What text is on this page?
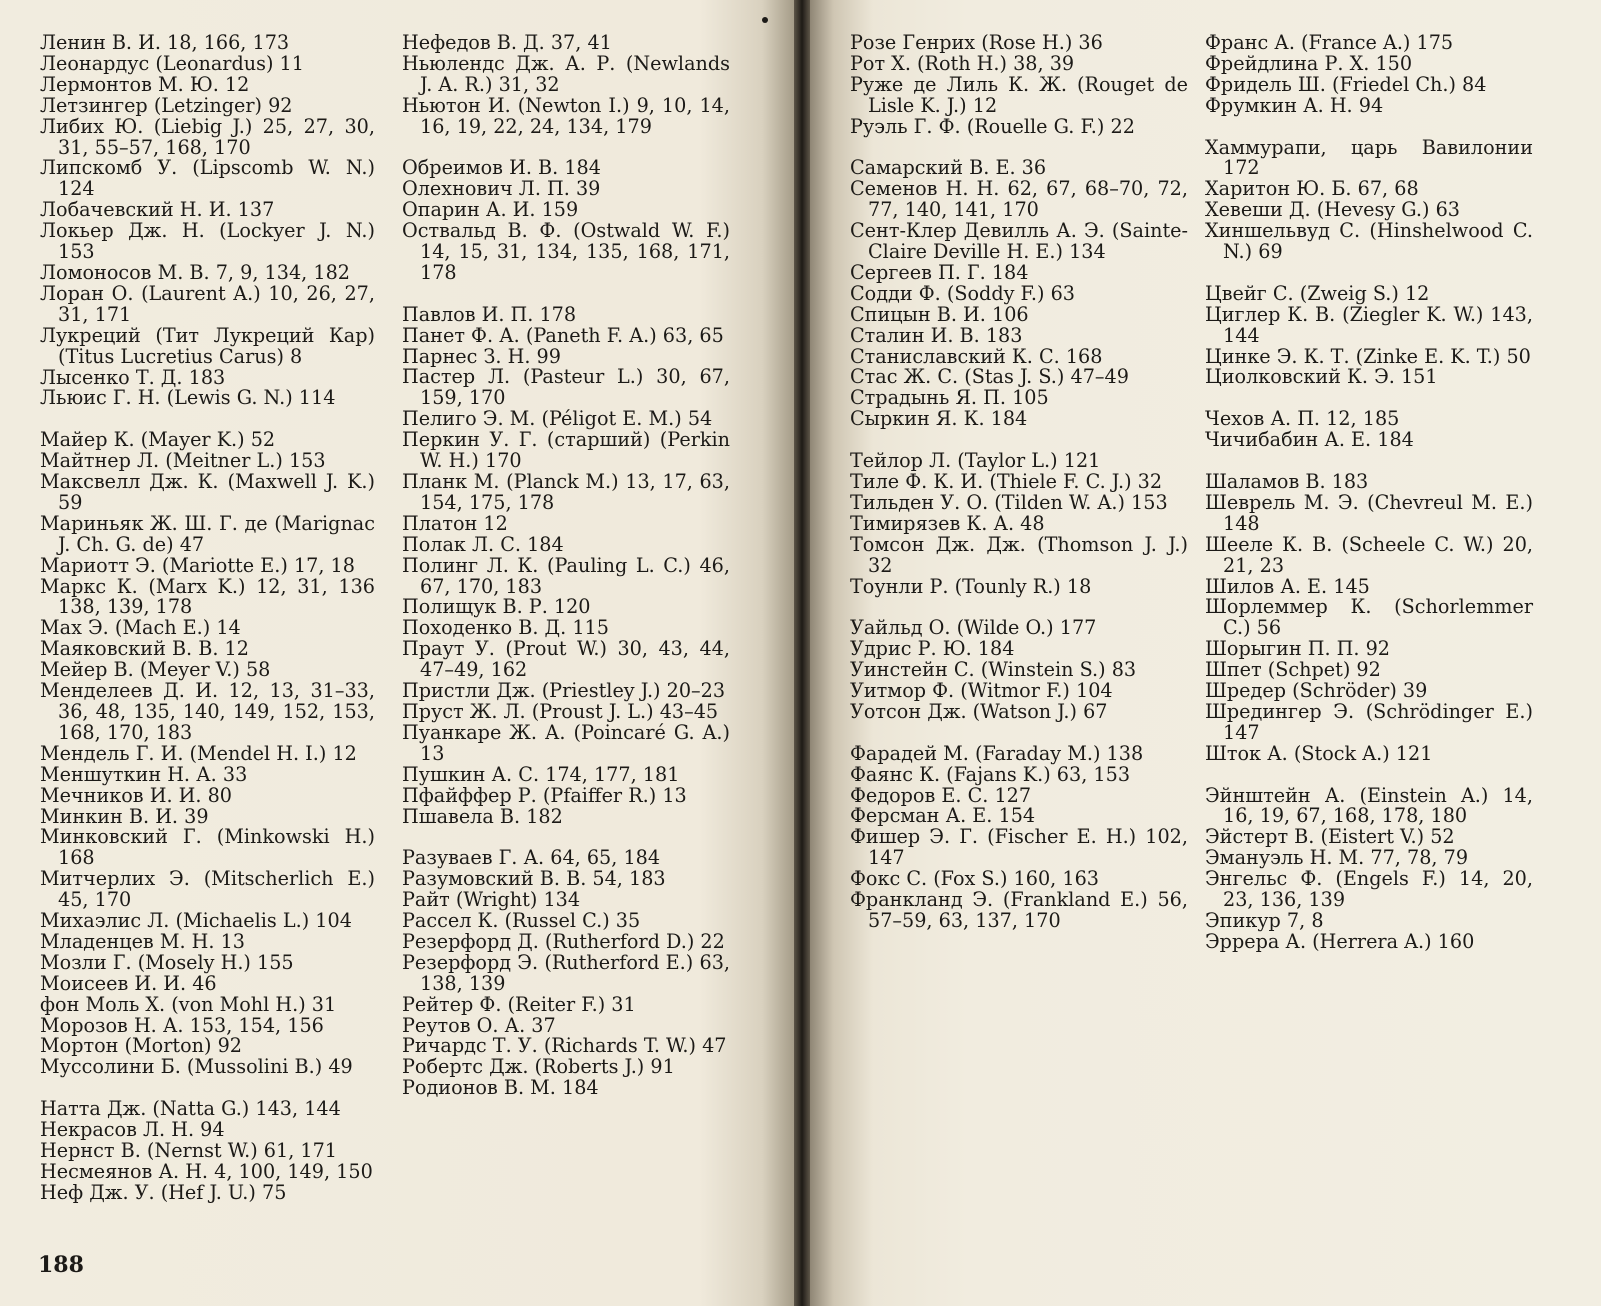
Ленин В. И. 18, 166, 173
Леонардус (Leonardus) 11
Лермонтов М. Ю. 12
Летзингер (Letzinger) 92
Либих Ю. (Liebig J.) 25, 27, 30, 31, 55–57, 168, 170
Липскомб У. (Lipscomb W. N.) 124
Лобачевский Н. И. 137
Локьер Дж. Н. (Lockyer J. N.) 153
Ломоносов М. В. 7, 9, 134, 182
Лоран О. (Laurent A.) 10, 26, 27, 31, 171
Лукреций (Тит Лукреций Кар) (Titus Lucretius Carus) 8
Лысенко Т. Д. 183
Льюис Г. Н. (Lewis G. N.) 114
Майер К. (Mayer K.) 52
Майтнер Л. (Meitner L.) 153
Максвелл Дж. К. (Maxwell J. K.) 59
Мариньяк Ж. Ш. Г. де (Marignac J. Ch. G. de) 47
Мариотт Э. (Mariotte E.) 17, 18
Маркс К. (Marx K.) 12, 31, 136 138, 139, 178
Мах Э. (Mach E.) 14
Маяковский В. В. 12
Мейер В. (Meyer V.) 58
Менделеев Д. И. 12, 13, 31–33, 36, 48, 135, 140, 149, 152, 153, 168, 170, 183
Мендель Г. И. (Mendel H. I.) 12
Меншуткин Н. А. 33
Мечников И. И. 80
Минкин В. И. 39
Минковский Г. (Minkowski H.) 168
Митчерлих Э. (Mitscherlich E.) 45, 170
Михаэлис Л. (Michaelis L.) 104
Младенцев М. Н. 13
Мозли Г. (Mosely H.) 155
Моисеев И. И. 46
фон Моль Х. (von Mohl H.) 31
Морозов Н. А. 153, 154, 156
Мортон (Morton) 92
Муссолини Б. (Mussolini B.) 49
Натта Дж. (Natta G.) 143, 144
Некрасов Л. Н. 94
Нернст В. (Nernst W.) 61, 171
Несмеянов А. Н. 4, 100, 149, 150
Неф Дж. У. (Hef J. U.) 75
Нефедов В. Д. 37, 41
Ньюлендс Дж. А. Р. (Newlands J. A. R.) 31, 32
Ньютон И. (Newton I.) 9, 10, 14, 16, 19, 22, 24, 134, 179
Обреимов И. В. 184
Олехнович Л. П. 39
Опарин А. И. 159
Оствальд В. Ф. (Ostwald W. F.) 14, 15, 31, 134, 135, 168, 171, 178
Павлов И. П. 178
Панет Ф. А. (Paneth F. A.) 63, 65
Парнес З. Н. 99
Пастер Л. (Pasteur L.) 30, 67, 159, 170
Пелиго Э. М. (Péligot E. M.) 54
Перкин У. Г. (старший) (Perkin W. H.) 170
Планк М. (Planck M.) 13, 17, 63, 154, 175, 178
Платон 12
Полак Л. С. 184
Полинг Л. К. (Pauling L. C.) 46, 67, 170, 183
Полищук В. Р. 120
Походенко В. Д. 115
Праут У. (Prout W.) 30, 43, 44, 47–49, 162
Пристли Дж. (Priestley J.) 20–23
Пруст Ж. Л. (Proust J. L.) 43–45
Пуанкаре Ж. А. (Poincaré G. A.) 13
Пушкин А. С. 174, 177, 181
Пфайффер Р. (Pfaiffer R.) 13
Пшавела В. 182
Разуваев Г. А. 64, 65, 184
Разумовский В. В. 54, 183
Райт (Wright) 134
Рассел К. (Russel C.) 35
Резерфорд Д. (Rutherford D.) 22
Резерфорд Э. (Rutherford E.) 63, 138, 139
Рейтер Ф. (Reiter F.) 31
Реутов О. А. 37
Ричардс Т. У. (Richards T. W.) 47
Робертс Дж. (Roberts J.) 91
Родионов В. М. 184
188
Розе Генрих (Rose H.) 36
Рот Х. (Roth H.) 38, 39
Руже де Лиль К. Ж. (Rouget de Lisle K. J.) 12
Руэль Г. Ф. (Rouelle G. F.) 22
Самарский В. Е. 36
Семенов Н. Н. 62, 67, 68–70, 72, 77, 140, 141, 170
Сент-Клер Девилль А. Э. (Sainte-Claire Deville H. E.) 134
Сергеев П. Г. 184
Содди Ф. (Soddy F.) 63
Спицын В. И. 106
Сталин И. В. 183
Станиславский К. С. 168
Стас Ж. С. (Stas J. S.) 47–49
Страдынь Я. П. 105
Сыркин Я. К. 184
Тейлор Л. (Taylor L.) 121
Тиле Ф. К. И. (Thiele F. C. J.) 32
Тильден У. О. (Tilden W. A.) 153
Тимирязев К. А. 48
Томсон Дж. Дж. (Thomson J. J.) 32
Тоунли Р. (Tounly R.) 18
Уайльд О. (Wilde O.) 177
Удрис Р. Ю. 184
Уинстейн С. (Winstein S.) 83
Уитмор Ф. (Witmor F.) 104
Уотсон Дж. (Watson J.) 67
Фарадей М. (Faraday M.) 138
Фаянс К. (Fajans K.) 63, 153
Федоров Е. С. 127
Ферсман А. Е. 154
Фишер Э. Г. (Fischer E. H.) 102, 147
Фокс С. (Fox S.) 160, 163
Франкланд Э. (Frankland E.) 56, 57–59, 63, 137, 170
Франс А. (France A.) 175
Фрейдлина Р. Х. 150
Фридель Ш. (Friedel Ch.) 84
Фрумкин А. Н. 94
Хаммурапи, царь Вавилонии 172
Харитон Ю. Б. 67, 68
Хевеши Д. (Hevesy G.) 63
Хиншельвуд С. (Hinshelwood C. N.) 69
Цвейг С. (Zweig S.) 12
Циглер К. В. (Ziegler K. W.) 143, 144
Цинке Э. К. Т. (Zinke E. K. T.) 50
Циолковский К. Э. 151
Чехов А. П. 12, 185
Чичибабин А. Е. 184
Шаламов В. 183
Шеврель М. Э. (Chevreul M. E.) 148
Шееле К. В. (Scheele C. W.) 20, 21, 23
Шилов А. Е. 145
Шорлеммер К. (Schorlemmer C.) 56
Шорыгин П. П. 92
Шпет (Schpet) 92
Шредер (Schröder) 39
Шредингер Э. (Schrödinger E.) 147
Шток А. (Stock A.) 121
Эйнштейн А. (Einstein A.) 14, 16, 19, 67, 168, 178, 180
Эйстерт В. (Eistert V.) 52
Эмануэль Н. М. 77, 78, 79
Энгельс Ф. (Engels F.) 14, 20, 23, 136, 139
Эпикур 7, 8
Эррера А. (Herrera A.) 160
